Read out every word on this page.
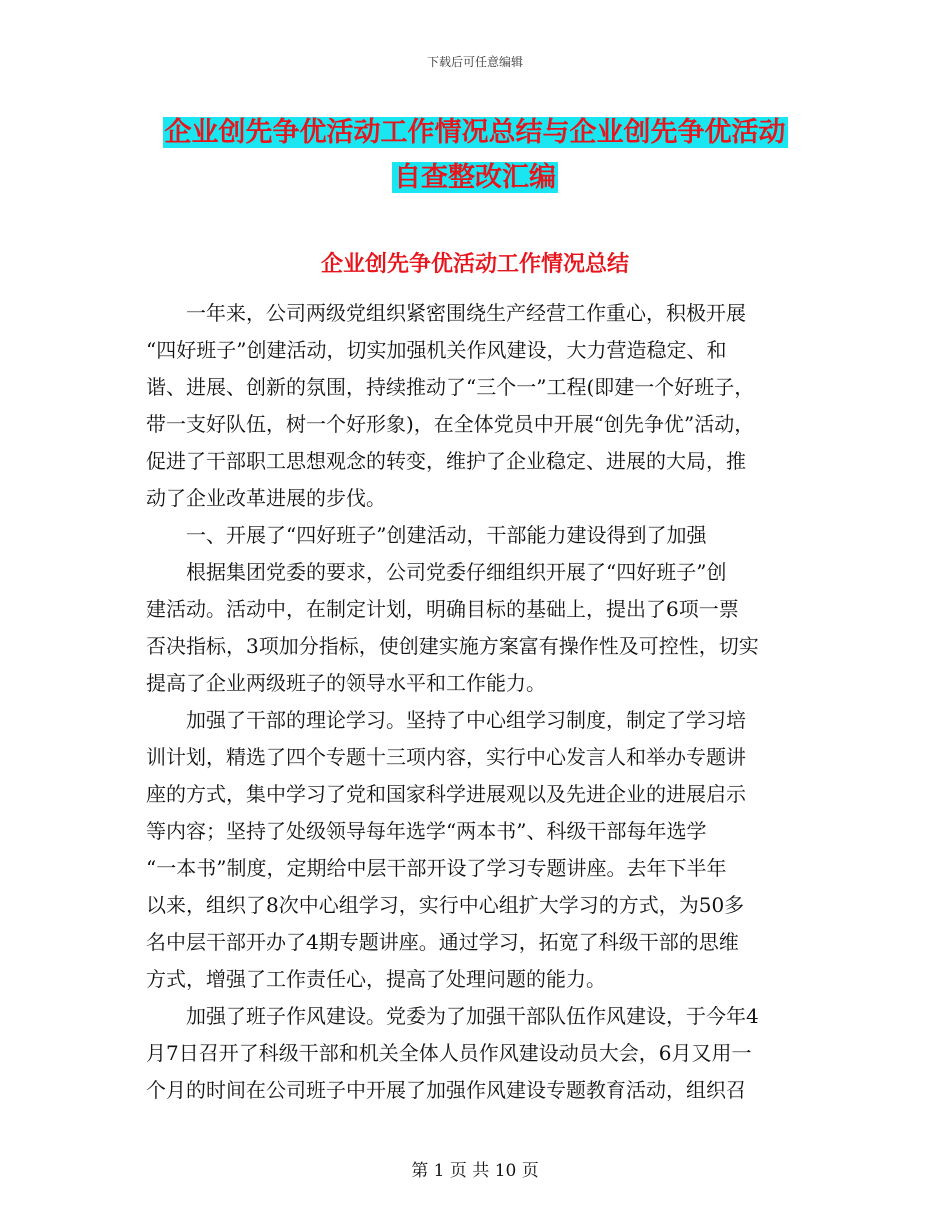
下载后可任意编辑
企业创先争优活动工作情况总结与企业创先争优活动
自查整改汇编
企业创先争优活动工作情况总结
一年来，公司两级党组织紧密围绕生产经营工作重心，积极开展
“四好班子”创建活动，切实加强机关作风建设，大力营造稳定、和
谐、进展、创新的氛围，持续推动了“三个一”工程(即建一个好班子，
带一支好队伍，树一个好形象)，在全体党员中开展“创先争优”活动，
促进了干部职工思想观念的转变，维护了企业稳定、进展的大局，推
动了企业改革进展的步伐。
一、开展了“四好班子”创建活动，干部能力建设得到了加强
根据集团党委的要求，公司党委仔细组织开展了“四好班子”创
建活动。活动中，在制定计划，明确目标的基础上，提出了6项一票
否决指标，3项加分指标，使创建实施方案富有操作性及可控性，切实
提高了企业两级班子的领导水平和工作能力。
加强了干部的理论学习。坚持了中心组学习制度，制定了学习培
训计划，精选了四个专题十三项内容，实行中心发言人和举办专题讲
座的方式，集中学习了党和国家科学进展观以及先进企业的进展启示
等内容；坚持了处级领导每年选学“两本书”、科级干部每年选学
“一本书”制度，定期给中层干部开设了学习专题讲座。去年下半年
以来，组织了8次中心组学习，实行中心组扩大学习的方式，为50多
名中层干部开办了4期专题讲座。通过学习，拓宽了科级干部的思维
方式，增强了工作责任心，提高了处理问题的能力。
加强了班子作风建设。党委为了加强干部队伍作风建设，于今年4
月7日召开了科级干部和机关全体人员作风建设动员大会，6月又用一
个月的时间在公司班子中开展了加强作风建设专题教育活动，组织召
第 1 页 共 10 页
